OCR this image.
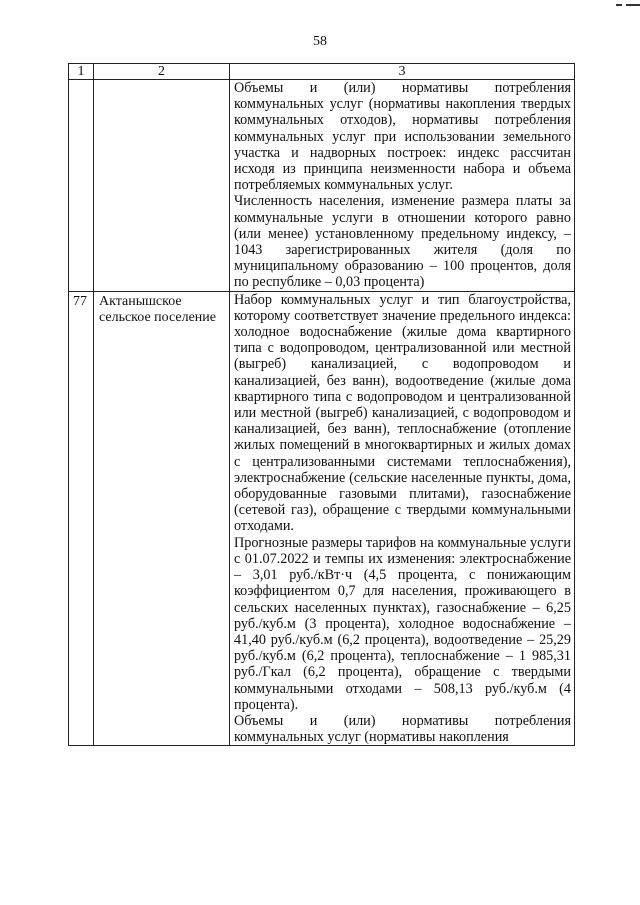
58
1	2	3

		Объемы и (или) нормативы потребления коммунальных услуг (нормативы накопления твердых коммунальных отходов), нормативы потребления коммунальных услуг при использовании земельного участка и надворных построек: индекс рассчитан исходя из принципа неизменности набора и объема потребляемых коммунальных услуг.

Численность населения, изменение размера платы за коммунальные услуги в отношении которого равно (или менее) установленному предельному индексу, – 1043 зарегистрированных жителя (доля по муниципальному образованию – 100 процентов, доля по республике – 0,03 процента)

77	Актанышское сельское поселение	Набор коммунальных услуг и тип благоустройства, которому соответствует значение предельного индекса: холодное водоснабжение (жилые дома квартирного типа с водопроводом, централизованной или местной (выгреб) канализацией, с водопроводом и канализацией, без ванн), водоотведение (жилые дома квартирного типа с водопроводом и централизованной или местной (выгреб) канализацией, с водопроводом и канализацией, без ванн), теплоснабжение (отопление жилых помещений в многоквартирных и жилых домах с централизованными системами теплоснабжения), электроснабжение (сельские населенные пункты, дома, оборудованные газовыми плитами), газоснабжение (сетевой газ), обращение с твердыми коммунальными отходами.

Прогнозные размеры тарифов на коммунальные услуги с 01.07.2022 и темпы их изменения: электроснабжение – 3,01 руб./кВт·ч (4,5 процента, с понижающим коэффициентом 0,7 для населения, проживающего в сельских населенных пунктах), газоснабжение – 6,25 руб./куб.м (3 процента), холодное водоснабжение – 41,40 руб./куб.м (6,2 процента), водоотведение – 25,29 руб./куб.м (6,2 процента), теплоснабжение – 1 985,31 руб./Гкал (6,2 процента), обращение с твердыми коммунальными отходами – 508,13 руб./куб.м (4 процента).

Объемы и (или) нормативы потребления коммунальных услуг (нормативы накопления
